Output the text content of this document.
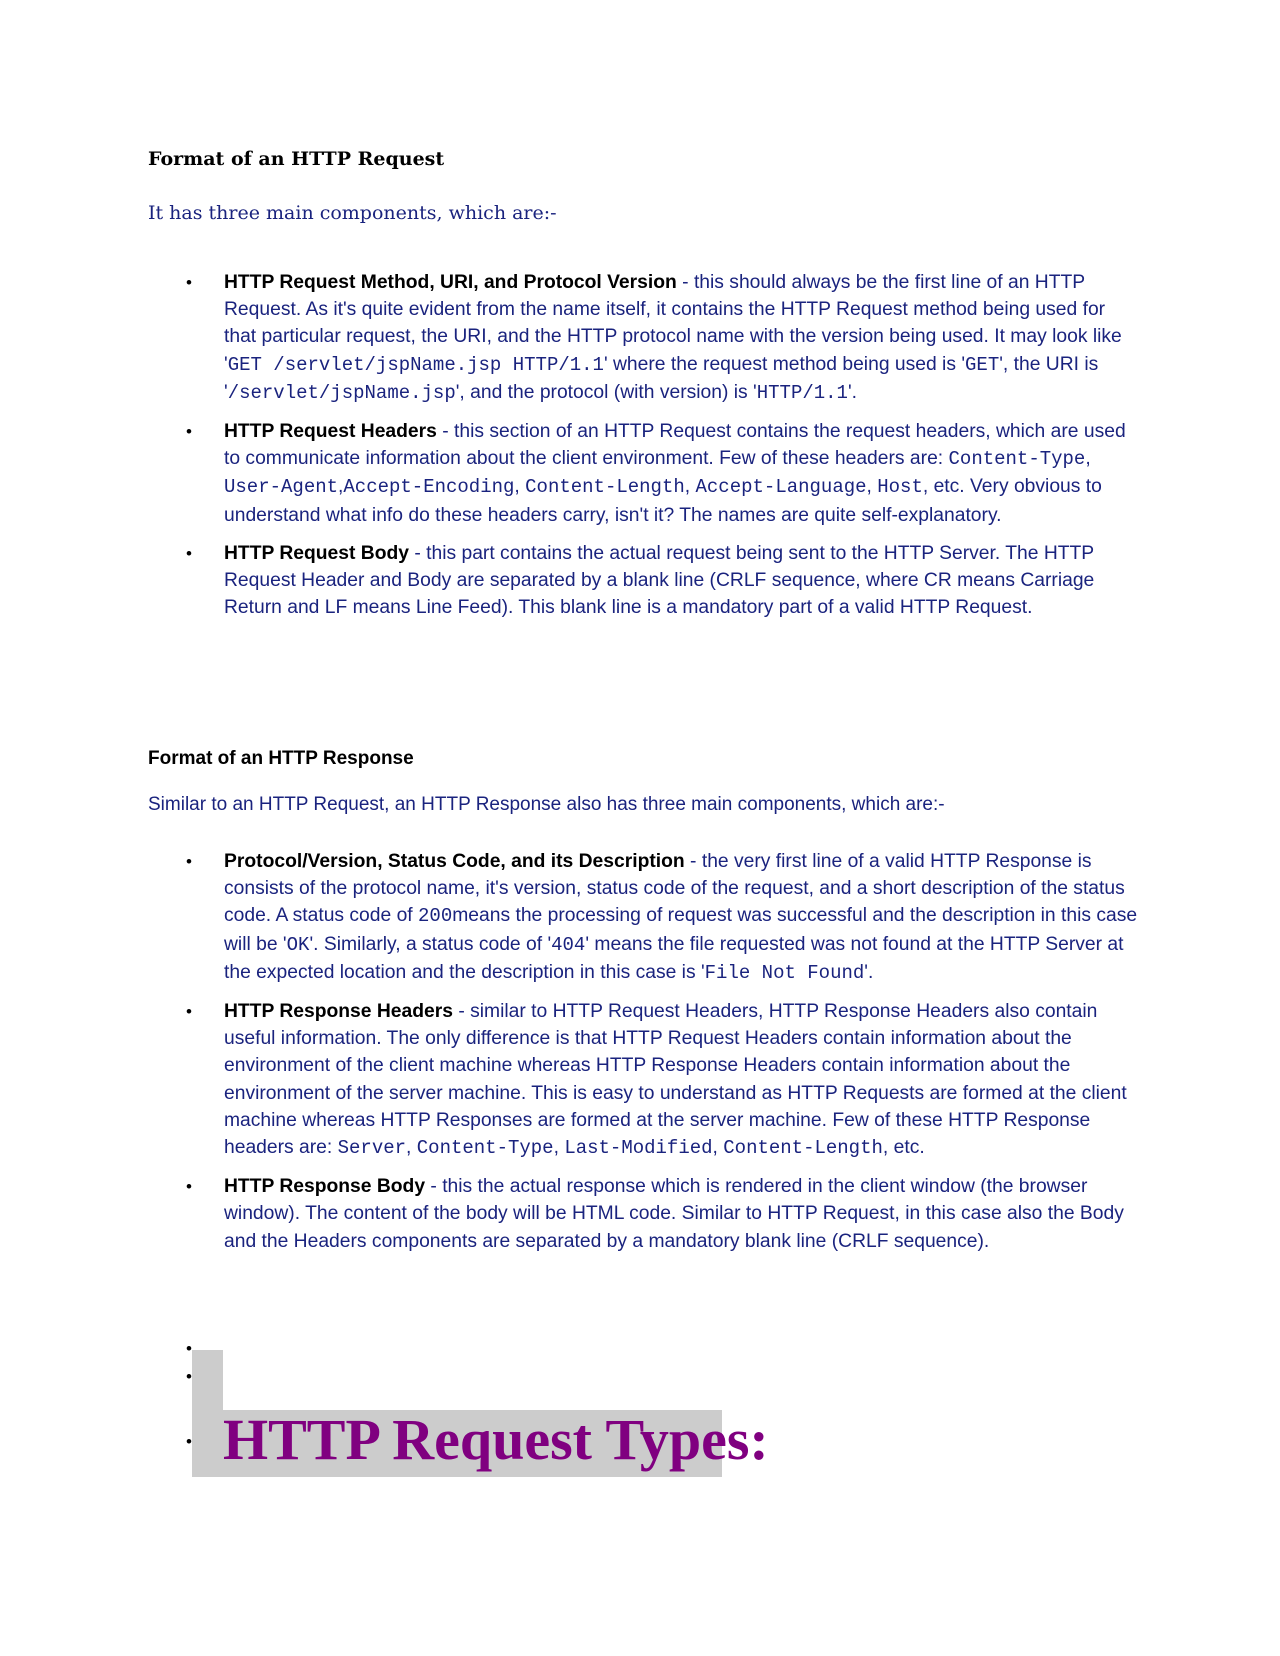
Format of an HTTP Request

It has three main components, which are:-

• HTTP Request Method, URI, and Protocol Version - this should always be the first line of an HTTP Request. As it's quite evident from the name itself, it contains the HTTP Request method being used for that particular request, the URI, and the HTTP protocol name with the version being used. It may look like 'GET /servlet/jspName.jsp HTTP/1.1' where the request method being used is 'GET', the URI is '/servlet/jspName.jsp', and the protocol (with version) is 'HTTP/1.1'.
• HTTP Request Headers - this section of an HTTP Request contains the request headers, which are used to communicate information about the client environment. Few of these headers are: Content-Type, User-Agent,Accept-Encoding, Content-Length, Accept-Language, Host, etc. Very obvious to understand what info do these headers carry, isn't it? The names are quite self-explanatory.
• HTTP Request Body - this part contains the actual request being sent to the HTTP Server. The HTTP Request Header and Body are separated by a blank line (CRLF sequence, where CR means Carriage Return and LF means Line Feed). This blank line is a mandatory part of a valid HTTP Request.
Format of an HTTP Response

Similar to an HTTP Request, an HTTP Response also has three main components, which are:-

• Protocol/Version, Status Code, and its Description - the very first line of a valid HTTP Response is consists of the protocol name, it's version, status code of the request, and a short description of the status code. A status code of 200means the processing of request was successful and the description in this case will be 'OK'. Similarly, a status code of '404' means the file requested was not found at the HTTP Server at the expected location and the description in this case is 'File Not Found'.
• HTTP Response Headers - similar to HTTP Request Headers, HTTP Response Headers also contain useful information. The only difference is that HTTP Request Headers contain information about the environment of the client machine whereas HTTP Response Headers contain information about the environment of the server machine. This is easy to understand as HTTP Requests are formed at the client machine whereas HTTP Responses are formed at the server machine. Few of these HTTP Response headers are: Server, Content-Type, Last-Modified, Content-Length, etc.
• HTTP Response Body - this the actual response which is rendered in the client window (the browser window). The content of the body will be HTML code. Similar to HTTP Request, in this case also the Body and the Headers components are separated by a mandatory blank line (CRLF sequence).
•
•
• HTTP Request Types:
